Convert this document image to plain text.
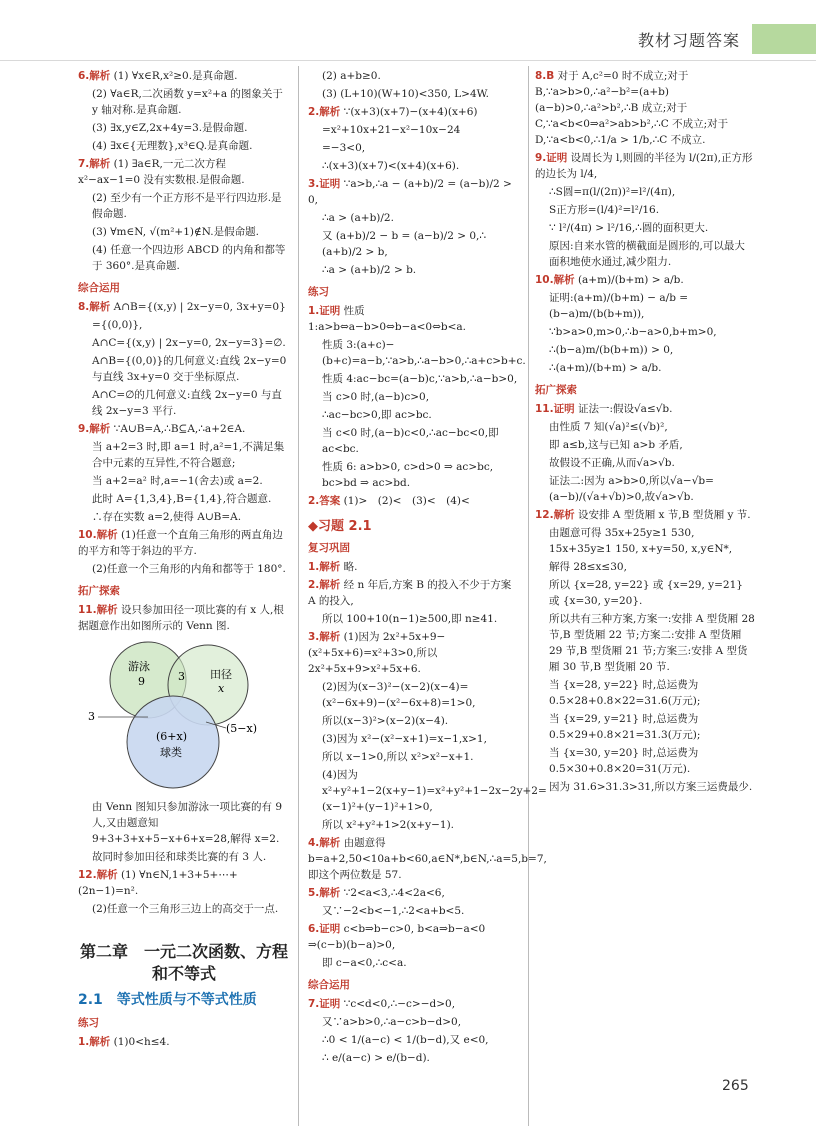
教材习题答案
6.解析 (1) ∀x∈R,x²≥0.是真命题.
(2) ∀a∈R,二次函数 y=x²+a 的图象关于 y 轴对称.是真命题.
(3) ∃x,y∈Z,2x+4y=3.是假命题.
(4) ∃x∈{无理数},x³∈Q.是真命题.
7.解析 (1) ∃a∈R,一元二次方程 x²−ax−1=0 没有实数根.是假命题.
(2) 至少有一个正方形不是平行四边形.是假命题.
(3) ∀m∈N, √(m²+1)∉N.是假命题.
(4) 任意一个四边形 ABCD 的内角和都等于 360°.是真命题.
综合运用
8.解析 A∩B={(x,y) | 2x−y=0, 3x+y=0}
={(0,0)},
A∩C={(x,y) | 2x−y=0, 2x−y=3}=∅.
A∩B={(0,0)}的几何意义:直线 2x−y=0 与直线 3x+y=0 交于坐标原点.
A∩C=∅的几何意义:直线 2x−y=0 与直线 2x−y=3 平行.
9.解析 ∵A∪B=A,∴B⊆A,∴a+2∈A.
当 a+2=3 时,即 a=1 时,a²=1,不满足集合中元素的互异性,不符合题意;
当 a+2=a² 时,a=−1(舍去)或 a=2.
此时 A={1,3,4},B={1,4},符合题意.
∴存在实数 a=2,使得 A∪B=A.
10.解析 (1)任意一个直角三角形的两直角边的平方和等于斜边的平方.
(2)任意一个三角形的内角和都等于 180°.
拓广探索
11.解析 设只参加田径一项比赛的有 x 人,根据题意作出如图所示的 Venn 图.
游泳
9	3 田径
x
(6+x)
球类
3
(5−x)
由 Venn 图知只参加游泳一项比赛的有 9 人,又由题意知 9+3+3+x+5−x+6+x=28,解得 x=2.
故同时参加田径和球类比赛的有 3 人.
12.解析 (1) ∀n∈N,1+3+5+⋯+(2n−1)=n².
(2)任意一个三角形三边上的高交于一点.
第二章　一元二次函数、方程和不等式
2.1　等式性质与不等式性质
练习
1.解析 (1)0<h≤4.
(2) a+b≥0.
(3) (L+10)(W+10)<350, L>4W.
2.解析 ∵(x+3)(x+7)−(x+4)(x+6)
=x²+10x+21−x²−10x−24
=−3<0,
∴(x+3)(x+7)<(x+4)(x+6).
3.证明 ∵a>b,∴a − (a+b)/2 = (a−b)/2 > 0,
∴a > (a+b)/2.
又 (a+b)/2 − b = (a−b)/2 > 0,∴ (a+b)/2 > b,
∴a > (a+b)/2 > b.
练习
1.证明 性质 1:a>b⇔a−b>0⇔b−a<0⇔b<a.
性质 3:(a+c)−(b+c)=a−b,∵a>b,∴a−b>0,∴a+c>b+c.
性质 4:ac−bc=(a−b)c,∵a>b,∴a−b>0,
当 c>0 时,(a−b)c>0,
∴ac−bc>0,即 ac>bc.
当 c<0 时,(a−b)c<0,∴ac−bc<0,即 ac<bc.
性质 6: a>b>0, c>d>0 ⇒ ac>bc, bc>bd ⇒ ac>bd.
2.答案 (1)>　(2)<　(3)<　(4)<
◆习题 2.1
复习巩固
1.解析 略.
2.解析 经 n 年后,方案 B 的投入不少于方案 A 的投入,
所以 100+10(n−1)≥500,即 n≥41.
3.解析 (1)因为 2x²+5x+9−(x²+5x+6)=x²+3>0,所以 2x²+5x+9>x²+5x+6.
(2)因为(x−3)²−(x−2)(x−4)=(x²−6x+9)−(x²−6x+8)=1>0,
所以(x−3)²>(x−2)(x−4).
(3)因为 x²−(x²−x+1)=x−1,x>1,
所以 x−1>0,所以 x²>x²−x+1.
(4)因为 x²+y²+1−2(x+y−1)=x²+y²+1−2x−2y+2=(x−1)²+(y−1)²+1>0,
所以 x²+y²+1>2(x+y−1).
4.解析 由题意得 b=a+2,50<10a+b<60,a∈N*,b∈N,∴a=5,b=7,即这个两位数是 57.
5.解析 ∵2<a<3,∴4<2a<6,
又∵−2<b<−1,∴2<a+b<5.
6.证明 c<b⇒b−c>0, b<a⇒b−a<0 ⇒(c−b)(b−a)>0,
即 c−a<0,∴c<a.
综合运用
7.证明 ∵c<d<0,∴−c>−d>0,
又∵a>b>0,∴a−c>b−d>0,
∴0 < 1/(a−c) < 1/(b−d),又 e<0,
∴ e/(a−c) > e/(b−d).
8.B 对于 A,c²=0 时不成立;对于 B,∵a>b>0,∴a²−b²=(a+b)(a−b)>0,∴a²>b²,∴B 成立;对于 C,∵a<b<0⇒a²>ab>b²,∴C 不成立;对于 D,∵a<b<0,∴1/a > 1/b,∴C 不成立.
9.证明 设周长为 l,则圆的半径为 l/(2π),正方形的边长为 l/4,
∴S圆=π(l/(2π))²=l²/(4π),
S正方形=(l/4)²=l²/16.
∵ l²/(4π) > l²/16,∴圆的面积更大.
原因:自来水管的横截面是圆形的,可以最大面积地使水通过,减少阻力.
10.解析 (a+m)/(b+m) > a/b.
证明:(a+m)/(b+m) − a/b = (b−a)m/(b(b+m)),
∵b>a>0,m>0,∴b−a>0,b+m>0,
∴(b−a)m/(b(b+m)) > 0,
∴(a+m)/(b+m) > a/b.
拓广探索
11.证明 证法一:假设√a≤√b.
由性质 7 知(√a)²≤(√b)²,
即 a≤b,这与已知 a>b 矛盾,
故假设不正确,从而√a>√b.
证法二:因为 a>b>0,所以√a−√b=(a−b)/(√a+√b)>0,故√a>√b.
12.解析 设安排 A 型货厢 x 节,B 型货厢 y 节.
由题意可得 35x+25y≥1 530, 15x+35y≥1 150, x+y=50, x,y∈N*,
解得 28≤x≤30,
所以 {x=28, y=22} 或 {x=29, y=21} 或 {x=30, y=20}.
所以共有三种方案,方案一:安排 A 型货厢 28 节,B 型货厢 22 节;方案二:安排 A 型货厢 29 节,B 型货厢 21 节;方案三:安排 A 型货厢 30 节,B 型货厢 20 节.
当 {x=28, y=22} 时,总运费为 0.5×28+0.8×22=31.6(万元);
当 {x=29, y=21} 时,总运费为 0.5×29+0.8×21=31.3(万元);
当 {x=30, y=20} 时,总运费为 0.5×30+0.8×20=31(万元).
因为 31.6>31.3>31,所以方案三运费最少.
265
